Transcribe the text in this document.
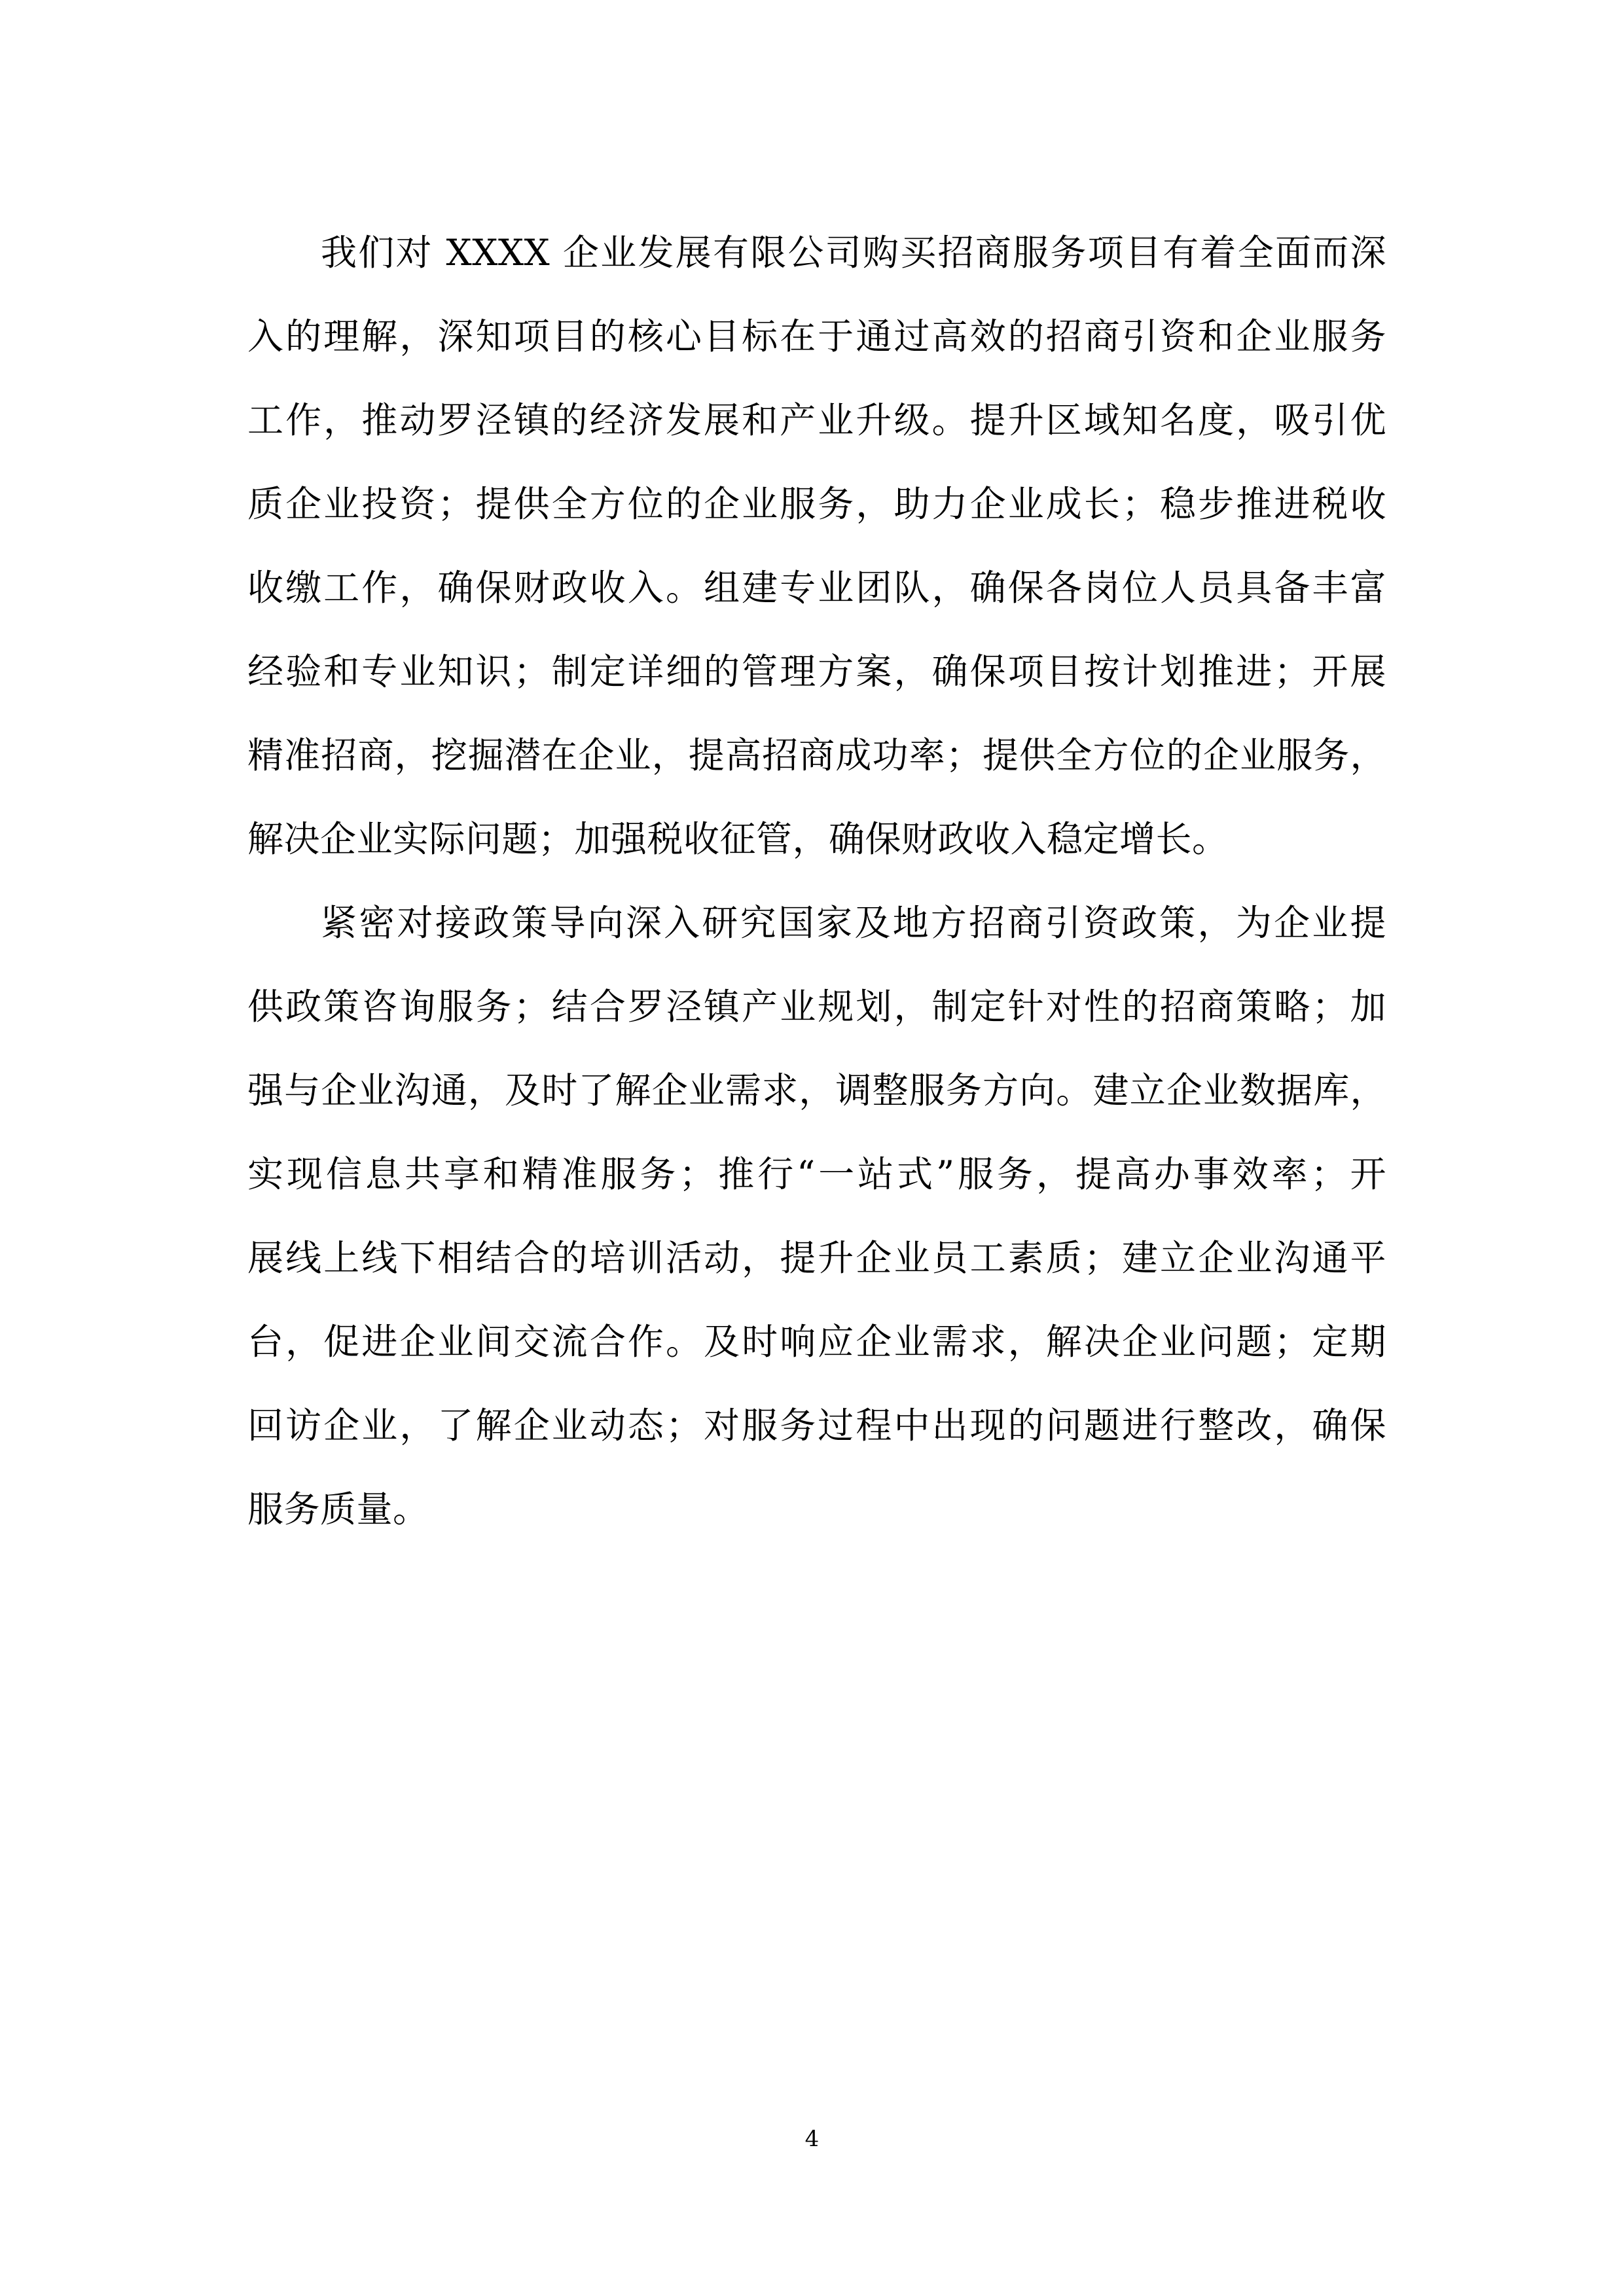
我们对 XXXX 企业发展有限公司购买招商服务项目有着全面而深
入的理解，深知项目的核心目标在于通过高效的招商引资和企业服务
工作，推动罗泾镇的经济发展和产业升级。提升区域知名度，吸引优
质企业投资；提供全方位的企业服务，助力企业成长；稳步推进税收
收缴工作，确保财政收入。组建专业团队，确保各岗位人员具备丰富
经验和专业知识；制定详细的管理方案，确保项目按计划推进；开展
精准招商，挖掘潜在企业，提高招商成功率；提供全方位的企业服务，
解决企业实际问题；加强税收征管，确保财政收入稳定增长。
紧密对接政策导向深入研究国家及地方招商引资政策，为企业提
供政策咨询服务；结合罗泾镇产业规划，制定针对性的招商策略；加
强与企业沟通，及时了解企业需求，调整服务方向。建立企业数据库，
实现信息共享和精准服务；推行“一站式”服务，提高办事效率；开
展线上线下相结合的培训活动，提升企业员工素质；建立企业沟通平
台，促进企业间交流合作。及时响应企业需求，解决企业问题；定期
回访企业，了解企业动态；对服务过程中出现的问题进行整改，确保
服务质量。
4
